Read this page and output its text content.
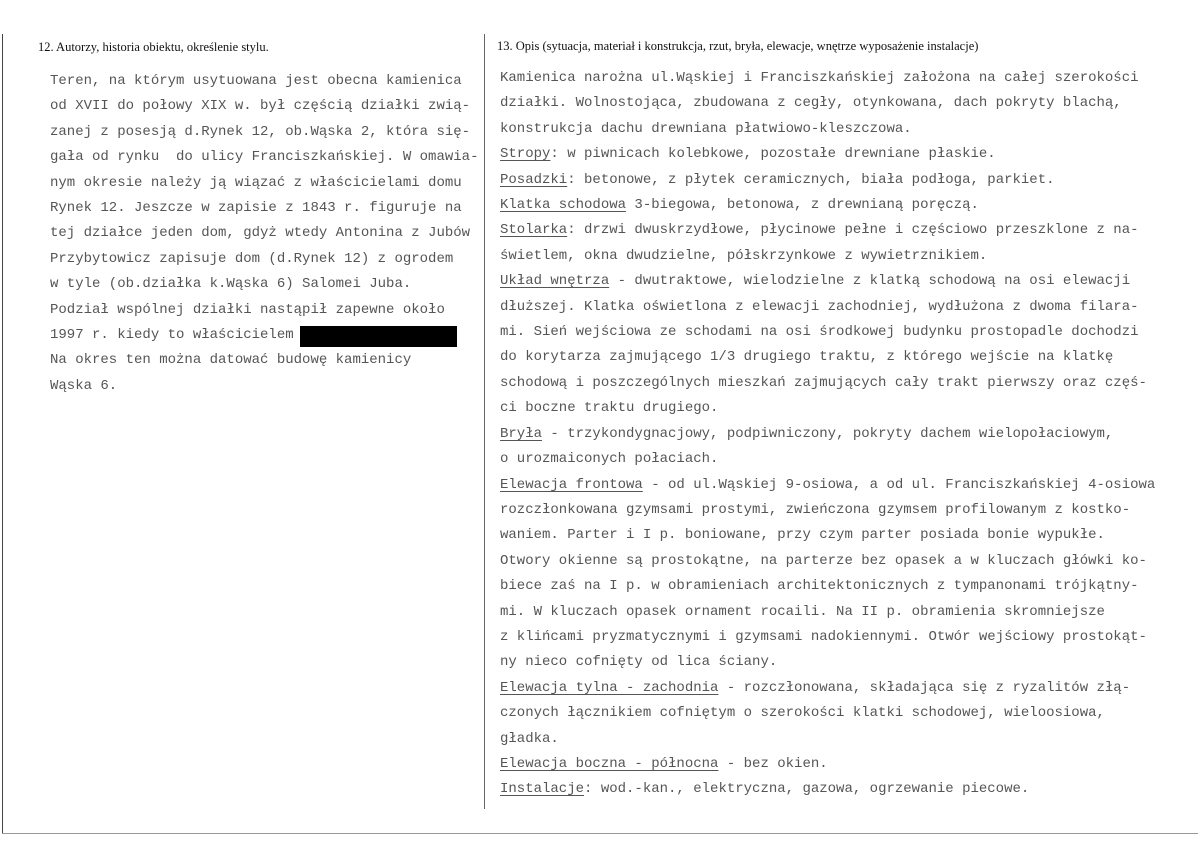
12. Autorzy, historia obiektu, określenie stylu.	13. Opis (sytuacja, materiał i konstrukcja, rzut, bryła, elewacje, wnętrze wyposażenie instalacje)
Teren, na którym usytuowana jest obecna kamienica
od XVII do połowy XIX w. był częścią działki zwią-
zanej z posesją d.Rynek 12, ob.Wąska 2, która się-
gała od rynku  do ulicy Franciszkańskiej. W omawia-
nym okresie należy ją wiązać z właścicielami domu
Rynek 12. Jeszcze w zapisie z 1843 r. figuruje na
tej działce jeden dom, gdyż wtedy Antonina z Jubów
Przybytowicz zapisuje dom (d.Rynek 12) z ogrodem
w tyle (ob.działka k.Wąska 6) Salomei Juba.
Podział wspólnej działki nastąpił zapewne około
1997 r. kiedy to właścicielem
Na okres ten można datować budowę kamienicy
Wąska 6.
Kamienica narożna ul.Wąskiej i Franciszkańskiej założona na całej szerokości
działki. Wolnostojąca, zbudowana z cegły, otynkowana, dach pokryty blachą,
konstrukcja dachu drewniana płatwiowo-kleszczowa.
Stropy: w piwnicach kolebkowe, pozostałe drewniane płaskie.
Posadzki: betonowe, z płytek ceramicznych, biała podłoga, parkiet.
Klatka schodowa 3-biegowa, betonowa, z drewnianą poręczą.
Stolarka: drzwi dwuskrzydłowe, płycinowe pełne i częściowo przeszklone z na-
świetlem, okna dwudzielne, półskrzynkowe z wywietrznikiem.
Układ wnętrza - dwutraktowe, wielodzielne z klatką schodową na osi elewacji
dłuższej. Klatka oświetlona z elewacji zachodniej, wydłużona z dwoma filara-
mi. Sień wejściowa ze schodami na osi środkowej budynku prostopadle dochodzi
do korytarza zajmującego 1/3 drugiego traktu, z którego wejście na klatkę
schodową i poszczególnych mieszkań zajmujących cały trakt pierwszy oraz częś-
ci boczne traktu drugiego.
Bryła - trzykondygnacjowy, podpiwniczony, pokryty dachem wielopołaciowym,
o urozmaiconych połaciach.
Elewacja frontowa - od ul.Wąskiej 9-osiowa, a od ul. Franciszkańskiej 4-osiowa
rozczłonkowana gzymsami prostymi, zwieńczona gzymsem profilowanym z kostko-
waniem. Parter i I p. boniowane, przy czym parter posiada bonie wypukłe.
Otwory okienne są prostokątne, na parterze bez opasek a w kluczach główki ko-
biece zaś na I p. w obramieniach architektonicznych z tympanonami trójkątny-
mi. W kluczach opasek ornament rocaili. Na II p. obramienia skromniejsze
z klińcami pryzmatycznymi i gzymsami nadokiennymi. Otwór wejściowy prostokąt-
ny nieco cofnięty od lica ściany.
Elewacja tylna - zachodnia - rozczłonowana, składająca się z ryzalitów złą-
czonych łącznikiem cofniętym o szerokości klatki schodowej, wieloosiowa,
gładka.
Elewacja boczna - północna - bez okien.
Instalacje: wod.-kan., elektryczna, gazowa, ogrzewanie piecowe.
